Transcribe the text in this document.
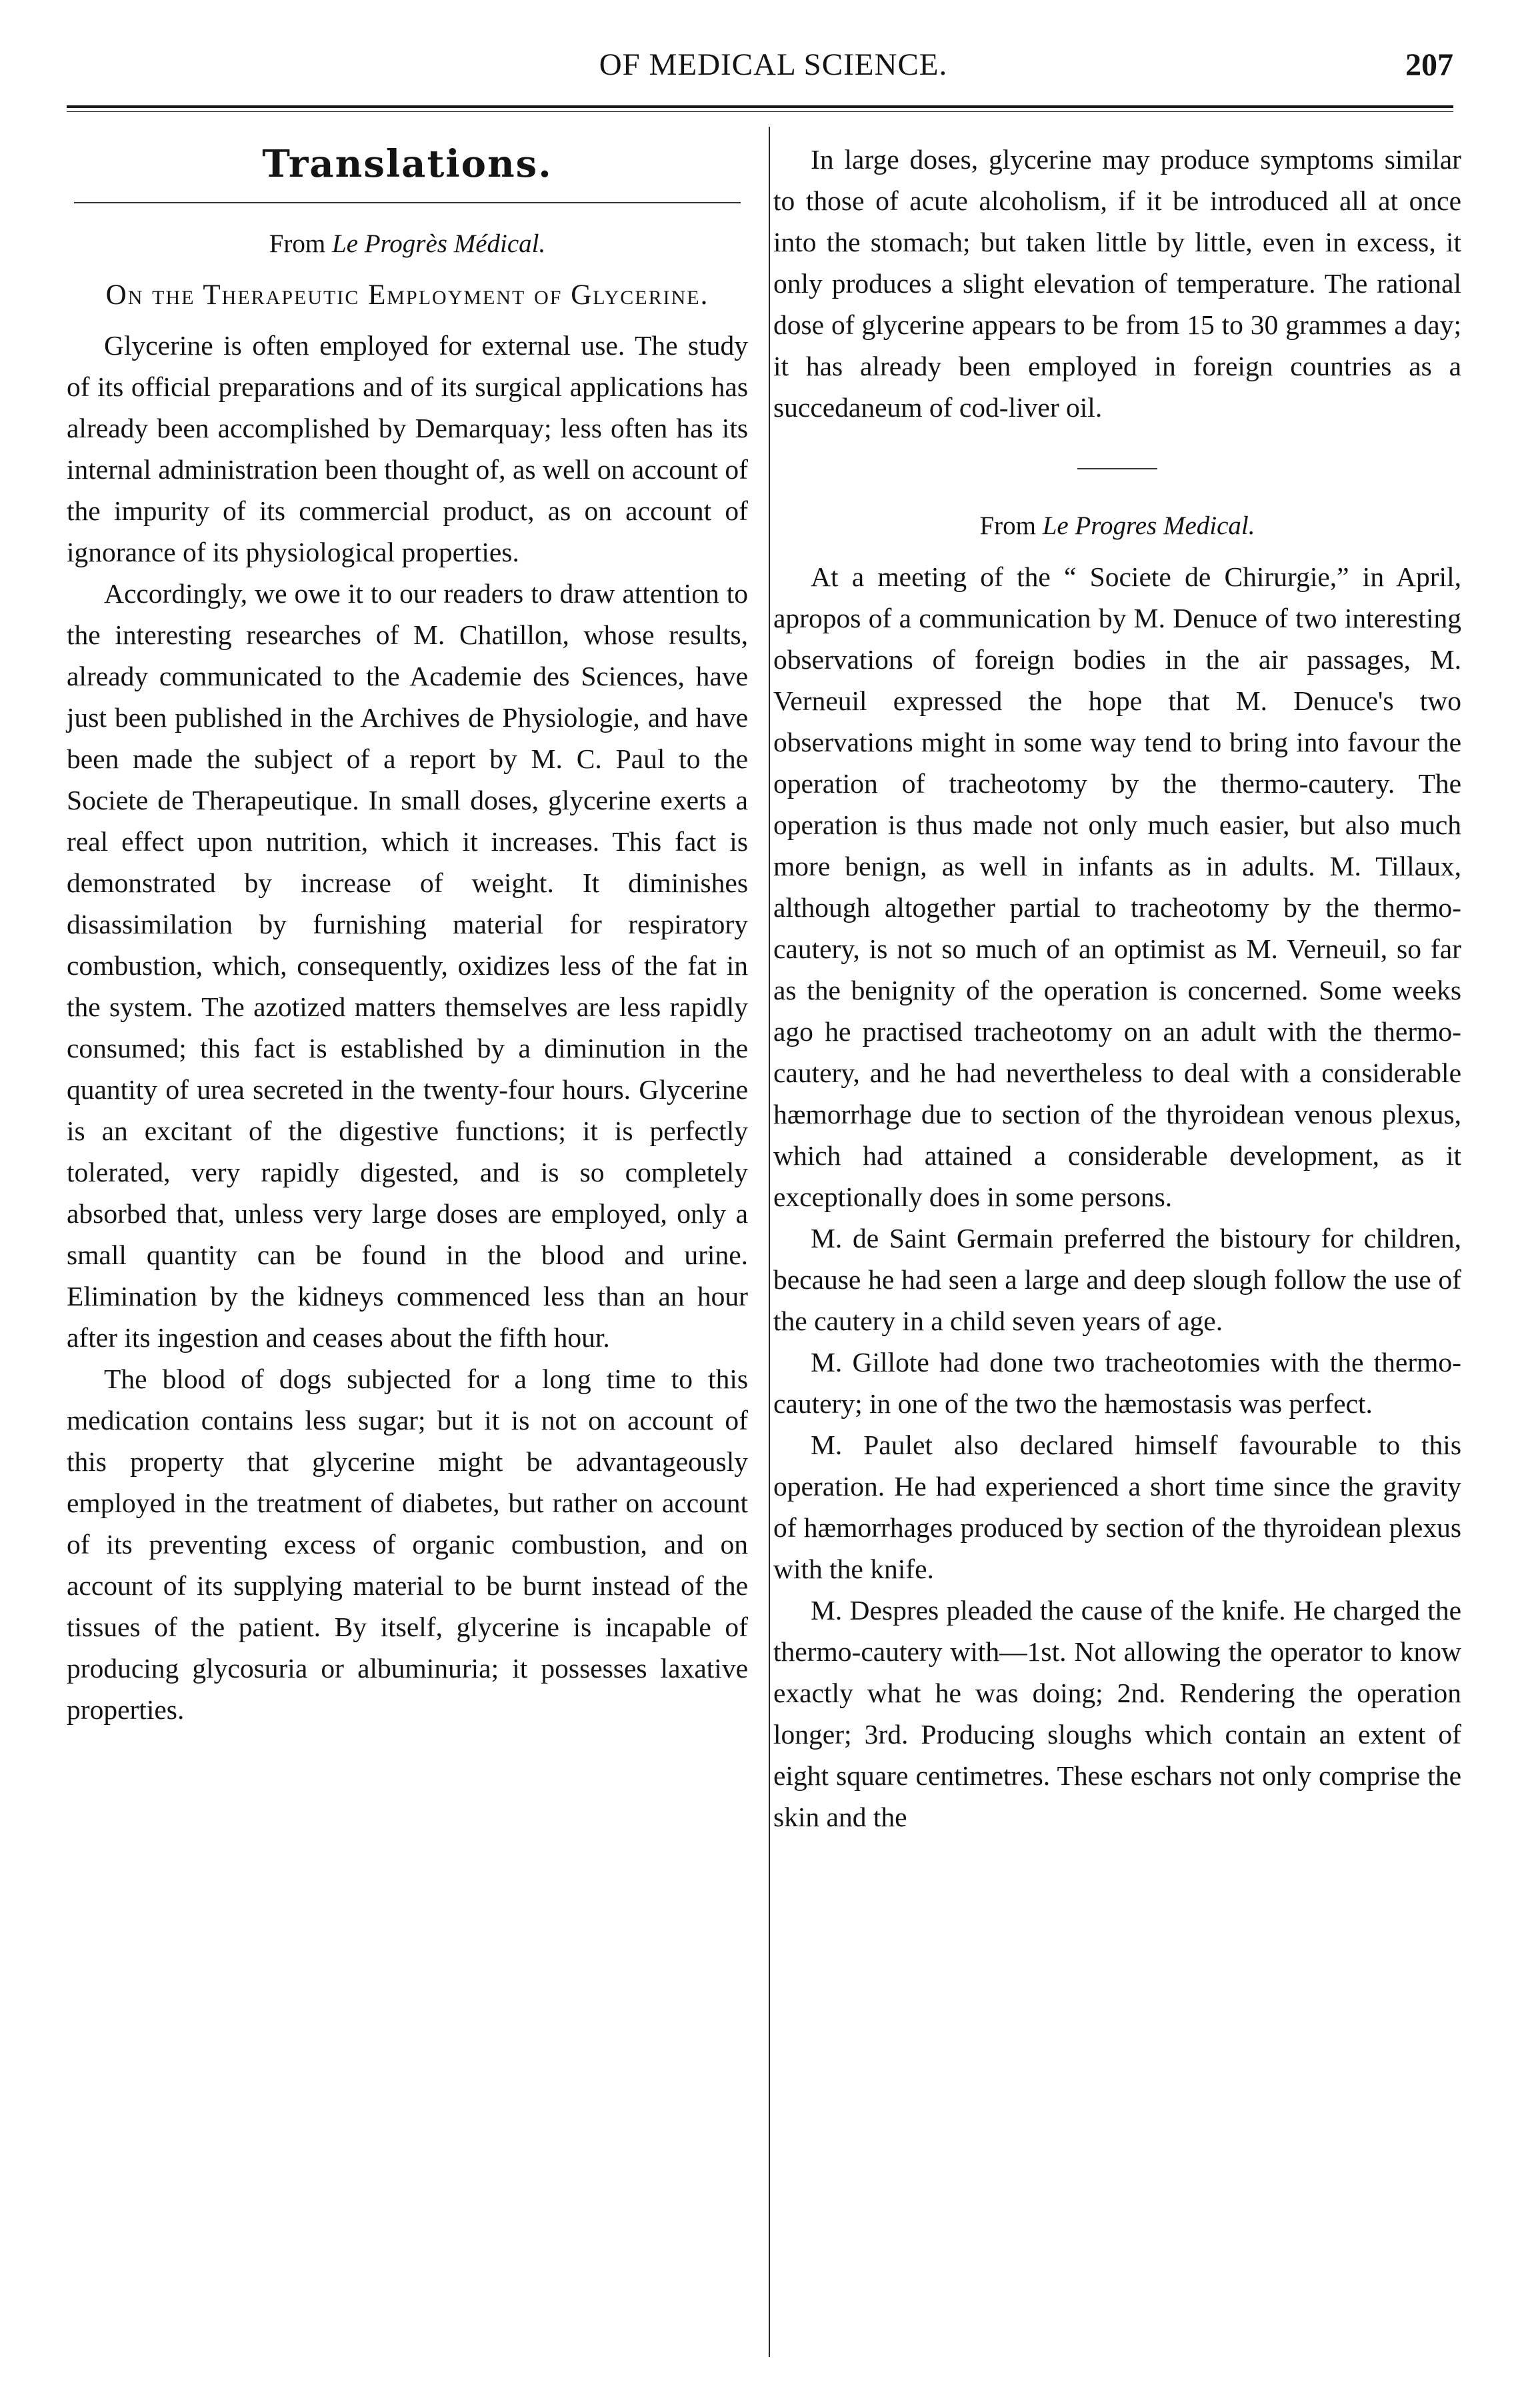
OF MEDICAL SCIENCE.	207
Translations.
From Le Progrès Médical.
On the Therapeutic Employment of Glycerine.

Glycerine is often employed for external use. The study of its official preparations and of its surgical applications has already been accomplished by Demarquay; less often has its internal administration been thought of, as well on account of the impurity of its commercial product, as on account of ignorance of its physiological properties.

Accordingly, we owe it to our readers to draw attention to the interesting researches of M. Chatillon, whose results, already communicated to the Academie des Sciences, have just been published in the Archives de Physiologie, and have been made the subject of a report by M. C. Paul to the Societe de Therapeutique. In small doses, glycerine exerts a real effect upon nutrition, which it increases. This fact is demonstrated by increase of weight. It diminishes disassimilation by furnishing material for respiratory combustion, which, consequently, oxidizes less of the fat in the system. The azotized matters themselves are less rapidly consumed; this fact is established by a diminution in the quantity of urea secreted in the twenty-four hours. Glycerine is an excitant of the digestive functions; it is perfectly tolerated, very rapidly digested, and is so completely absorbed that, unless very large doses are employed, only a small quantity can be found in the blood and urine. Elimination by the kidneys commenced less than an hour after its ingestion and ceases about the fifth hour.

The blood of dogs subjected for a long time to this medication contains less sugar; but it is not on account of this property that glycerine might be advantageously employed in the treatment of diabetes, but rather on account of its preventing excess of organic combustion, and on account of its supplying material to be burnt instead of the tissues of the patient. By itself, glycerine is incapable of producing glycosuria or albuminuria; it possesses laxative properties.

In large doses, glycerine may produce symptoms similar to those of acute alcoholism, if it be introduced all at once into the stomach; but taken little by little, even in excess, it only produces a slight elevation of temperature. The rational dose of glycerine appears to be from 15 to 30 grammes a day; it has already been employed in foreign countries as a succedaneum of cod-liver oil.

From Le Progres Medical.

At a meeting of the “ Societe de Chirurgie,” in April, apropos of a communication by M. Denuce of two interesting observations of foreign bodies in the air passages, M. Verneuil expressed the hope that M. Denuce's two observations might in some way tend to bring into favour the operation of tracheotomy by the thermo-cautery. The operation is thus made not only much easier, but also much more benign, as well in infants as in adults. M. Tillaux, although altogether partial to tracheotomy by the thermo-cautery, is not so much of an optimist as M. Verneuil, so far as the benignity of the operation is concerned. Some weeks ago he practised tracheotomy on an adult with the thermo-cautery, and he had nevertheless to deal with a considerable hæmorrhage due to section of the thyroidean venous plexus, which had attained a considerable development, as it exceptionally does in some persons.

M. de Saint Germain preferred the bistoury for children, because he had seen a large and deep slough follow the use of the cautery in a child seven years of age.

M. Gillote had done two tracheotomies with the thermo-cautery; in one of the two the hæmostasis was perfect.

M. Paulet also declared himself favourable to this operation. He had experienced a short time since the gravity of hæmorrhages produced by section of the thyroidean plexus with the knife.

M. Despres pleaded the cause of the knife. He charged the thermo-cautery with—1st. Not allowing the operator to know exactly what he was doing; 2nd. Rendering the operation longer; 3rd. Producing sloughs which contain an extent of eight square centimetres. These eschars not only comprise the skin and the
